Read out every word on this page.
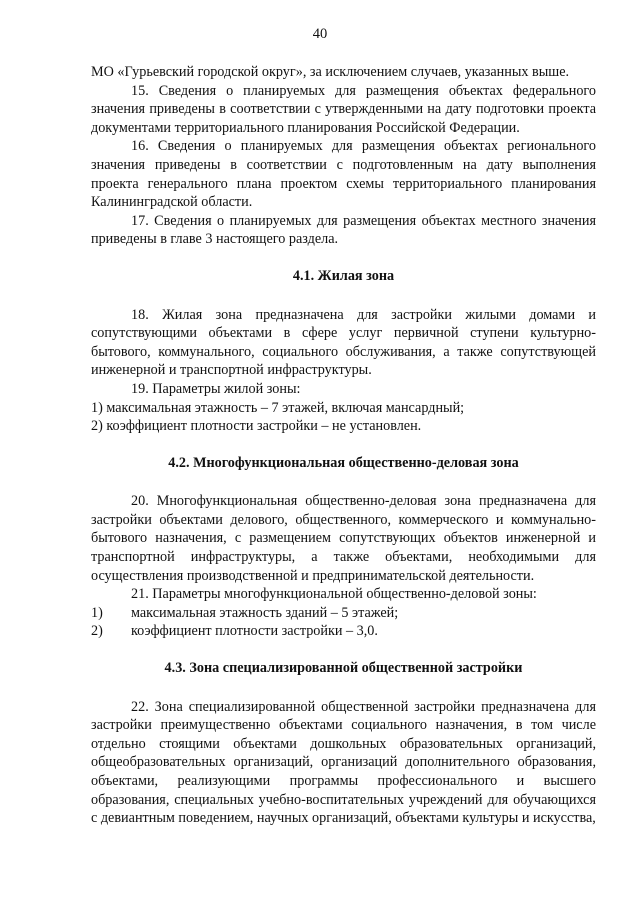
40

МО «Гурьевский городской округ», за исключением случаев, указанных выше.

15. Сведения о планируемых для размещения объектах федерального значения приведены в соответствии с утвержденными на дату подготовки проекта документами территориального планирования Российской Федерации.

16. Сведения о планируемых для размещения объектах регионального значения приведены в соответствии с подготовленным на дату выполнения проекта генерального плана проектом схемы территориального планирования Калининградской области.

17. Сведения о планируемых для размещения объектах местного значения приведены в главе 3 настоящего раздела.

4.1. Жилая зона

18. Жилая зона предназначена для застройки жилыми домами и сопутствующими объектами в сфере услуг первичной ступени культурно-бытового, коммунального, социального обслуживания, а также сопутствующей инженерной и транспортной инфраструктуры.

19. Параметры жилой зоны:

1) максимальная этажность – 7 этажей, включая мансардный;

2) коэффициент плотности застройки – не установлен.

4.2. Многофункциональная общественно-деловая зона

20. Многофункциональная общественно-деловая зона предназначена для застройки объектами делового, общественного, коммерческого и коммунально-бытового назначения, с размещением сопутствующих объектов инженерной и транспортной инфраструктуры, а также объектами, необходимыми для осуществления производственной и предпринимательской деятельности.

21. Параметры многофункциональной общественно-деловой зоны:

1)	максимальная этажность зданий – 5 этажей;
2)	коэффициент плотности застройки – 3,0.
4.3. Зона специализированной общественной застройки

22. Зона специализированной общественной застройки предназначена для застройки преимущественно объектами социального назначения, в том числе отдельно стоящими объектами дошкольных образовательных организаций, общеобразовательных организаций, организаций дополнительного образования, объектами, реализующими программы профессионального и высшего образования, специальных учебно-воспитательных учреждений для обучающихся с девиантным поведением, научных организаций, объектами культуры и искусства,
